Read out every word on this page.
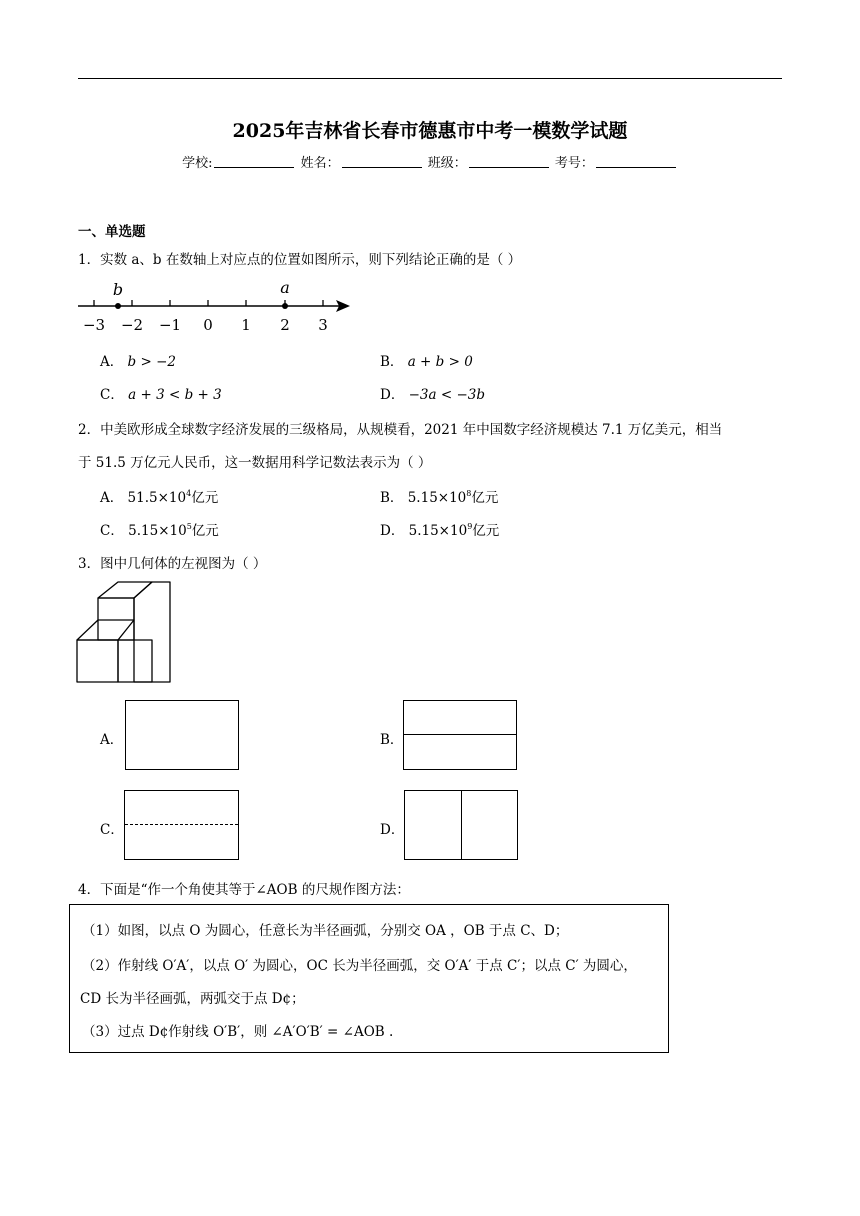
2025年吉林省长春市德惠市中考一模数学试题
学校:	姓名：	班级：	考号：
一、单选题
1．实数 a、b 在数轴上对应点的位置如图所示，则下列结论正确的是（ ）
b	a
−3 −2 −1 0 1 2 3
A． b > −2	B． a + b > 0
C． a + 3 < b + 3	D． −3a < −3b
2．中美欧形成全球数字经济发展的三级格局，从规模看，2021 年中国数字经济规模达 7.1 万亿美元，相当
于 51.5 万亿元人民币，这一数据用科学记数法表示为（ ）
A． $51.5\times 10^4$亿元	B． $5.15\times 10^8$亿元
C． $5.15\times 10^5$亿元	D． $5.15\times 10^9$亿元
3．图中几何体的左视图为（ ）
A．	B．
C．	D．
4．下面是“作一个角使其等于∠AOB 的尺规作图方法：
（1）如图，以点 O 为圆心，任意长为半径画弧，分别交 OA ，OB 于点 C、D；
（2）作射线 O′A′，以点 O′ 为圆心，OC 长为半径画弧，交 O′A′ 于点 C′；以点 C′ 为圆心，
CD 长为半径画弧，两弧交于点 D¢；
（3）过点 D¢作射线 O′B′，则 ∠A′O′B′ = ∠AOB .
